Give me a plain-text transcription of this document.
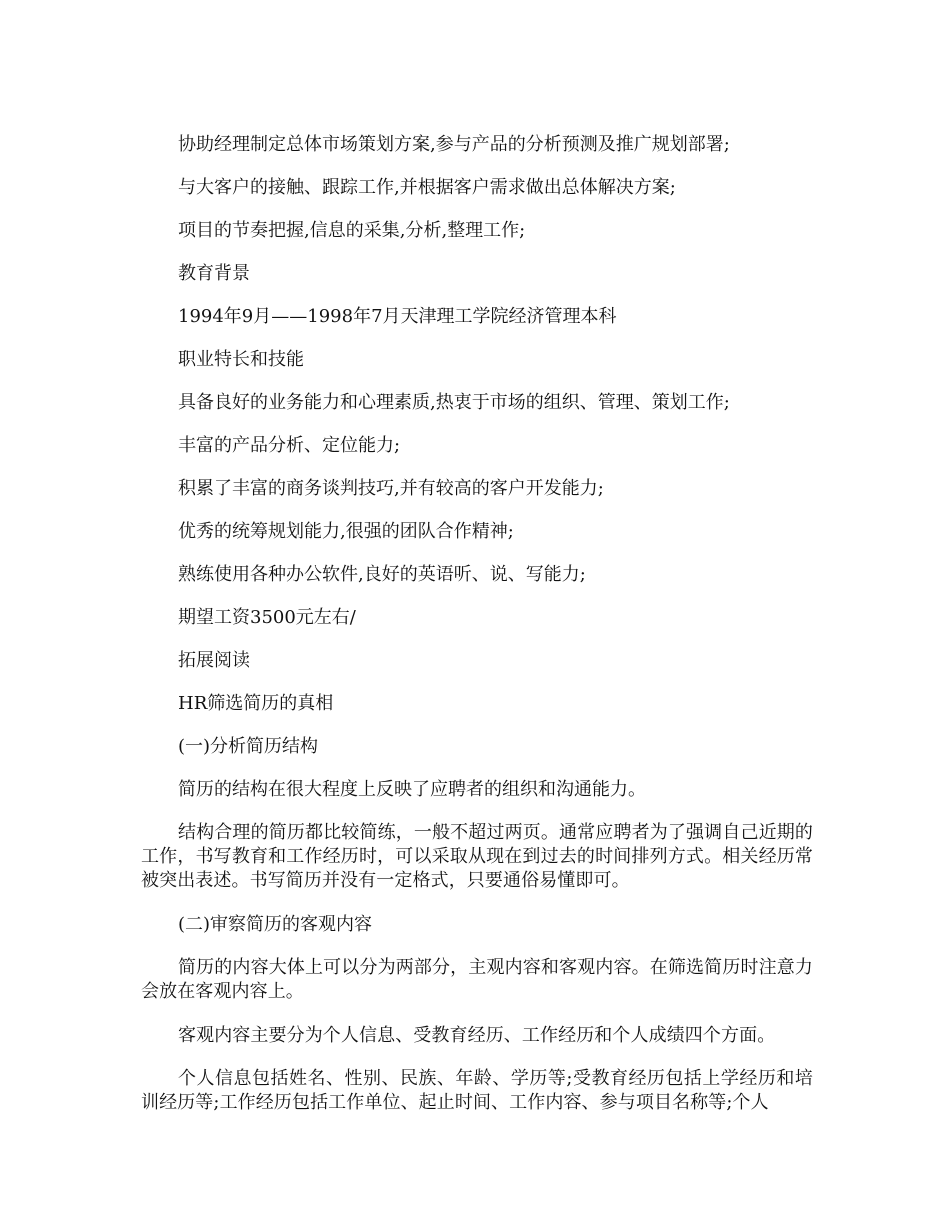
协助经理制定总体市场策划方案,参与产品的分析预测及推广规划部署;
与大客户的接触、跟踪工作,并根据客户需求做出总体解决方案;
项目的节奏把握,信息的采集,分析,整理工作;
教育背景
1994年9月——1998年7月天津理工学院经济管理本科
职业特长和技能
具备良好的业务能力和心理素质,热衷于市场的组织、管理、策划工作;
丰富的产品分析、定位能力;
积累了丰富的商务谈判技巧,并有较高的客户开发能力;
优秀的统筹规划能力,很强的团队合作精神;
熟练使用各种办公软件,良好的英语听、说、写能力;
期望工资3500元左右/
拓展阅读
HR筛选简历的真相
(一)分析简历结构
简历的结构在很大程度上反映了应聘者的组织和沟通能力。
结构合理的简历都比较简练，一般不超过两页。通常应聘者为了强调自己近期的工作，书写教育和工作经历时，可以采取从现在到过去的时间排列方式。相关经历常被突出表述。书写简历并没有一定格式，只要通俗易懂即可。
(二)审察简历的客观内容
简历的内容大体上可以分为两部分，主观内容和客观内容。在筛选简历时注意力会放在客观内容上。
客观内容主要分为个人信息、受教育经历、工作经历和个人成绩四个方面。
个人信息包括姓名、性别、民族、年龄、学历等;受教育经历包括上学经历和培训经历等;工作经历包括工作单位、起止时间、工作内容、参与项目名称等;个人
